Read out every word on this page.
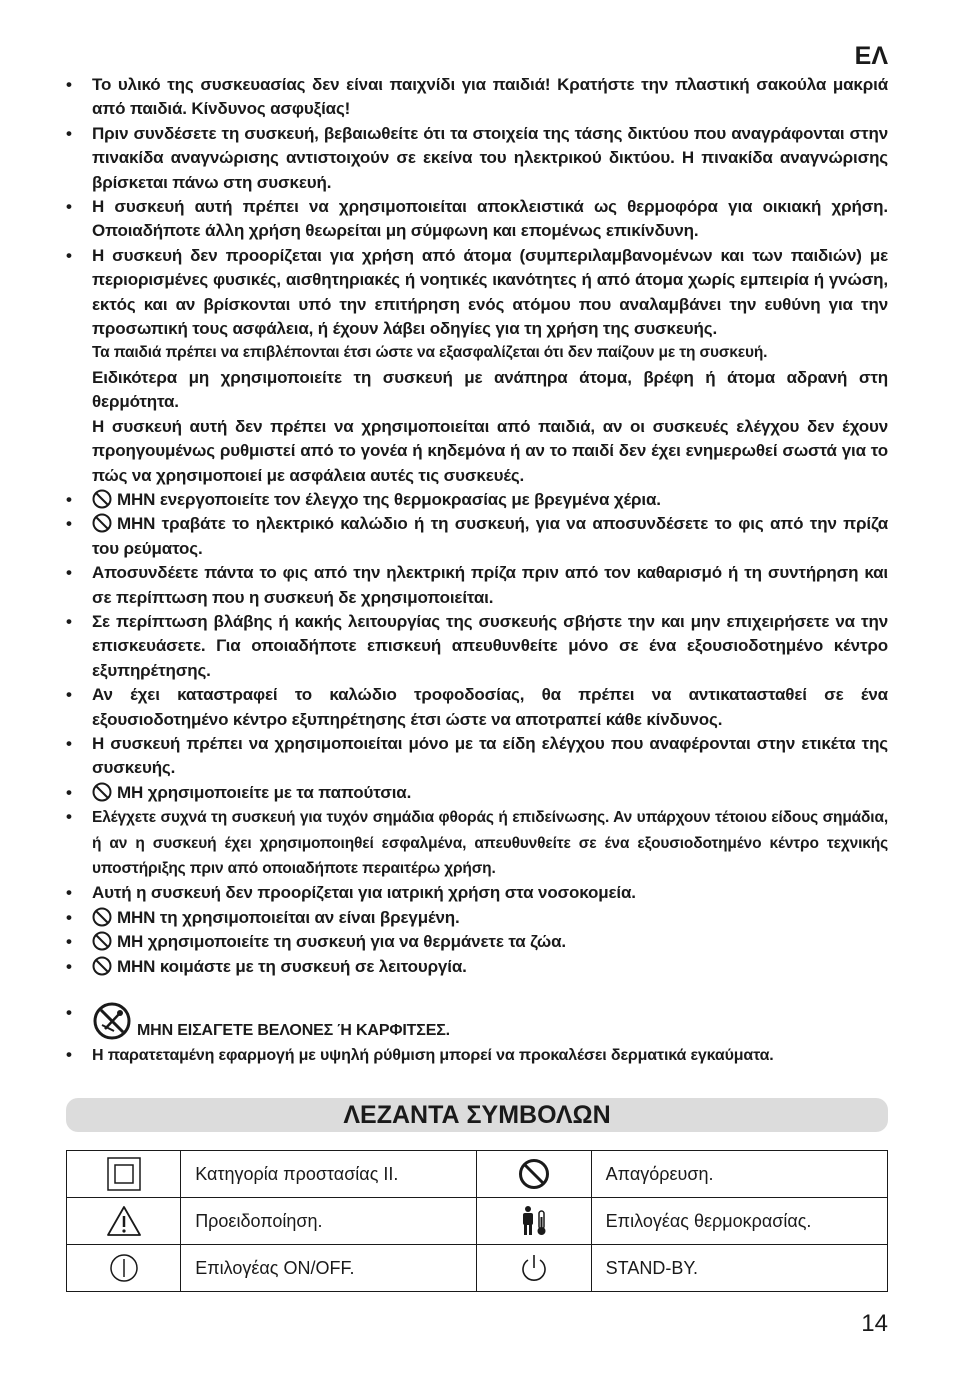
ΕΛ
• Το υλικό της συσκευασίας δεν είναι παιχνίδι για παιδιά! Κρατήστε την πλαστική σακούλα μακριά από παιδιά. Κίνδυνος ασφυξίας!
• Πριν συνδέσετε τη συσκευή, βεβαιωθείτε ότι τα στοιχεία της τάσης δικτύου που αναγράφονται στην πινακίδα αναγνώρισης αντιστοιχούν σε εκείνα του ηλεκτρικού δικτύου. Η πινακίδα αναγνώρισης βρίσκεται πάνω στη συσκευή.
• Η συσκευή αυτή πρέπει να χρησιμοποιείται αποκλειστικά ως θερμοφόρα για οικιακή χρήση. Οποιαδήποτε άλλη χρήση θεωρείται μη σύμφωνη και επομένως επικίνδυνη.

• Η συσκευή δεν προορίζεται για χρήση από άτομα (συμπεριλαμβανομένων και των παιδιών) με περιορισμένες φυσικές, αισθητηριακές ή νοητικές ικανότητες ή από άτομα χωρίς εμπειρία ή γνώση, εκτός και αν βρίσκονται υπό την επιτήρηση ενός ατόμου που αναλαμβάνει την ευθύνη για την προσωπική τους ασφάλεια, ή έχουν λάβει οδηγίες για τη χρήση της συσκευής.

Τα παιδιά πρέπει να επιβλέπονται έτσι ώστε να εξασφαλίζεται ότι δεν παίζουν με τη συσκευή.

Ειδικότερα μη χρησιμοποιείτε τη συσκευή με ανάπηρα άτομα, βρέφη ή άτομα αδρανή στη θερμότητα.

Η συσκευή αυτή δεν πρέπει να χρησιμοποιείται από παιδιά, αν οι συσκευές ελέγχου δεν έχουν προηγουμένως ρυθμιστεί από το γονέα ή κηδεμόνα ή αν το παιδί δεν έχει ενημερωθεί σωστά για το πώς να χρησιμοποιεί με ασφάλεια αυτές τις συσκευές.

• ΜΗΝ ενεργοποιείτε τον έλεγχο της θερμοκρασίας με βρεγμένα χέρια.
• ΜΗΝ τραβάτε το ηλεκτρικό καλώδιο ή τη συσκευή, για να αποσυνδέσετε το φις από την πρίζα του ρεύματος.
• Αποσυνδέετε πάντα το φις από την ηλεκτρική πρίζα πριν από τον καθαρισμό ή τη συντήρηση και σε περίπτωση που η συσκευή δε χρησιμοποιείται.
• Σε περίπτωση βλάβης ή κακής λειτουργίας της συσκευής σβήστε την και μην επιχειρήσετε να την επισκευάσετε. Για οποιαδήποτε επισκευή απευθυνθείτε μόνο σε ένα εξουσιοδοτημένο κέντρο εξυπηρέτησης.
• Αν έχει καταστραφεί το καλώδιο τροφοδοσίας, θα πρέπει να αντικατασταθεί σε ένα εξουσιοδοτημένο κέντρο εξυπηρέτησης έτσι ώστε να αποτραπεί κάθε κίνδυνος.
• Η συσκευή πρέπει να χρησιμοποιείται μόνο με τα είδη ελέγχου που αναφέρονται στην ετικέτα της συσκευής.
• ΜΗ χρησιμοποιείτε με τα παπούτσια.
• Ελέγχετε συχνά τη συσκευή για τυχόν σημάδια φθοράς ή επιδείνωσης. Αν υπάρχουν τέτοιου είδους σημάδια, ή αν η συσκευή έχει χρησιμοποιηθεί εσφαλμένα, απευθυνθείτε σε ένα εξουσιοδοτημένο κέντρο τεχνικής υποστήριξης πριν από οποιαδήποτε περαιτέρω χρήση.
• Αυτή η συσκευή δεν προορίζεται για ιατρική χρήση στα νοσοκομεία.
• ΜΗΝ τη χρησιμοποιείται αν είναι βρεγμένη.
• ΜΗ χρησιμοποιείτε τη συσκευή για να θερμάνετε τα ζώα.
• ΜΗΝ κοιμάστε με τη συσκευή σε λειτουργία.
• ΜΗΝ ΕΙΣΑΓΕΤΕ ΒΕΛΟΝΕΣ Ή ΚΑΡΦΙΤΣΕΣ.
• Η παρατεταμένη εφαρμογή με υψηλή ρύθμιση μπορεί να προκαλέσει δερματικά εγκαύματα.
ΛΕΖΑΝΤΑ ΣΥΜΒΟΛΩΝ
	Κατηγορία προστασίας ΙΙ.		Απαγόρευση.

	Προειδοποίηση.		Επιλογέας θερμοκρασίας.

	Επιλογέας ON/OFF.		STAND-BY.
14
